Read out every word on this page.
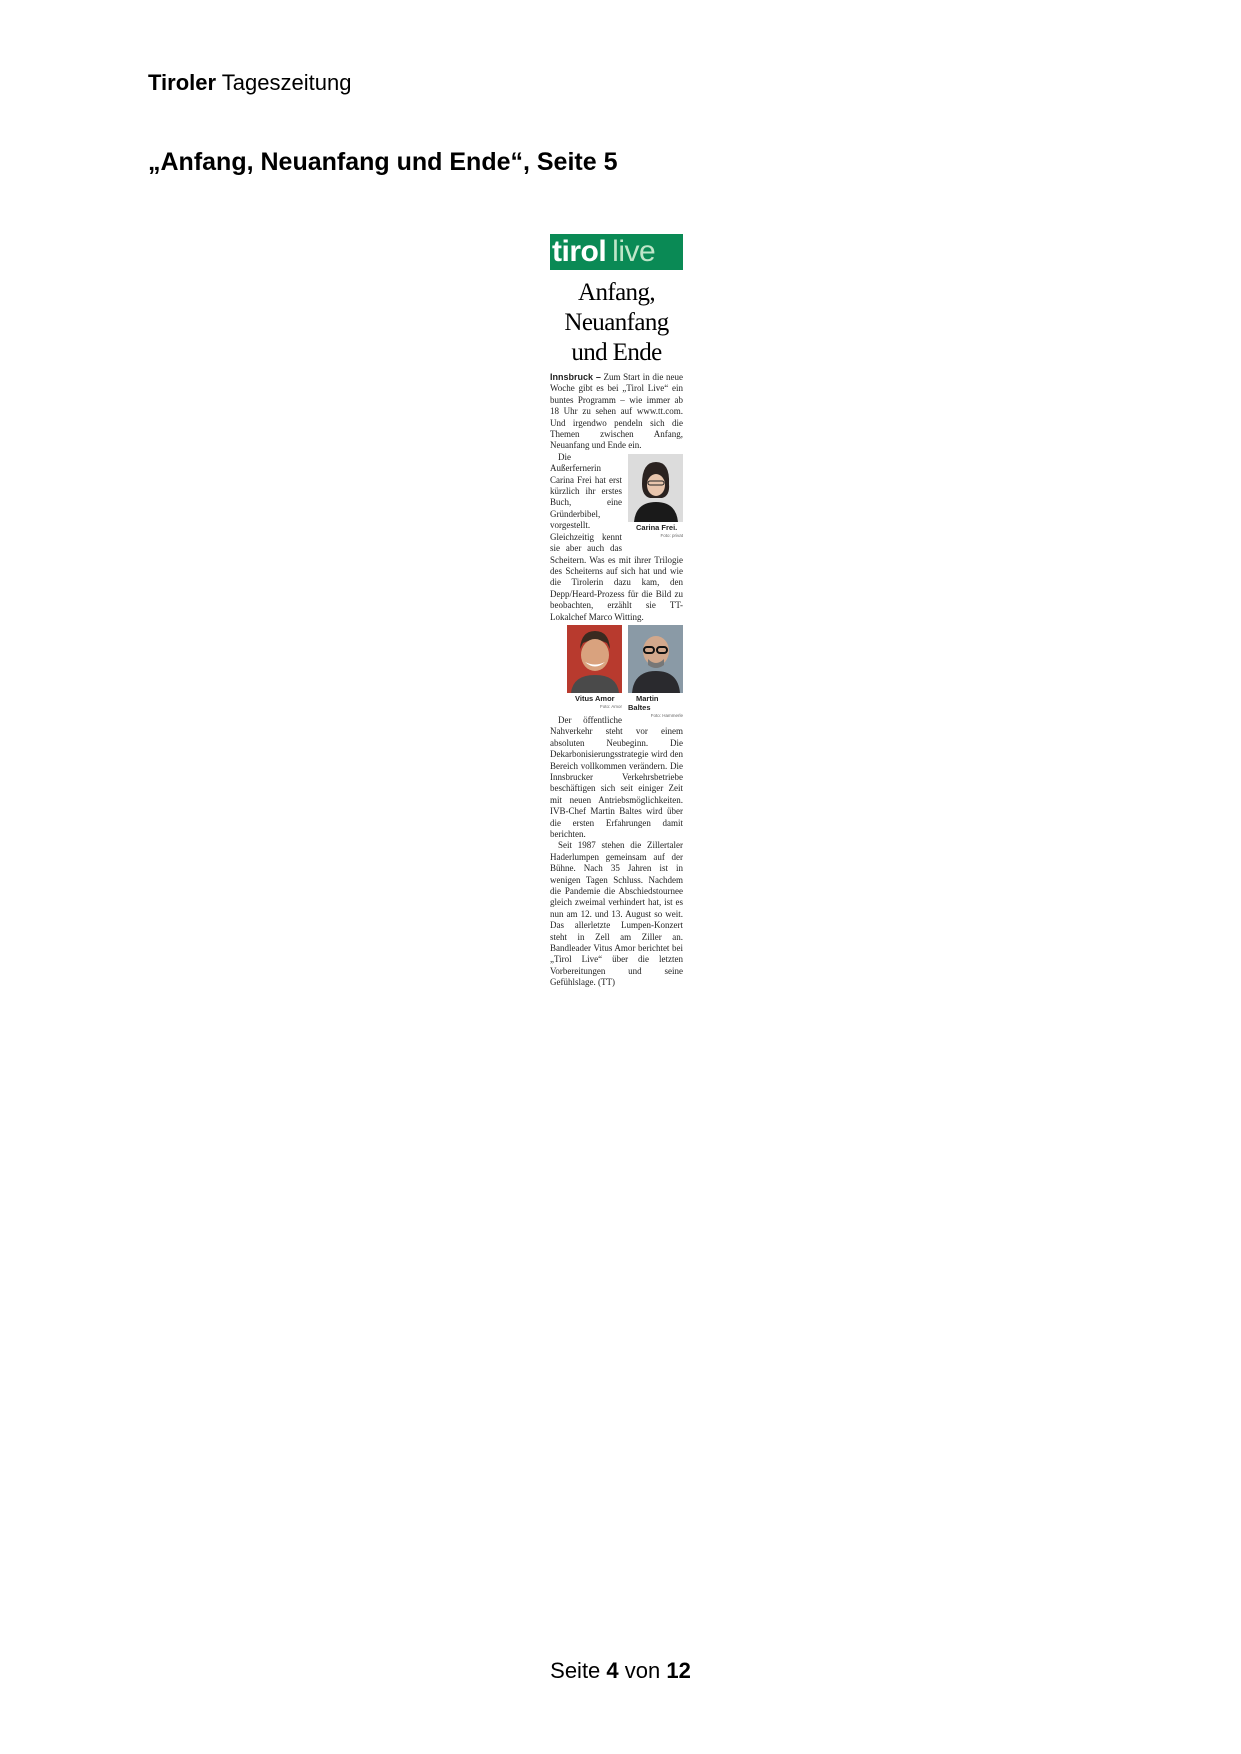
Tiroler Tageszeitung
„Anfang, Neuanfang und Ende“, Seite 5
tirol live
Anfang, Neuanfang und Ende

Innsbruck – Zum Start in die neue Woche gibt es bei „Tirol Live“ ein buntes Programm – wie immer ab 18 Uhr zu sehen auf www.tt.com. Und irgendwo pendeln sich die Themen zwischen Anfang, Neuanfang und Ende ein.

Carina Frei.
Foto: privat
Die Außerfernerin Carina Frei hat erst kürzlich ihr erstes Buch, eine Gründerbibel, vorgestellt. Gleichzeitig kennt sie aber auch das Scheitern. Was es mit ihrer Trilogie des Scheiterns auf sich hat und wie die Tirolerin dazu kam, den Depp/Heard-Prozess für die Bild zu beobachten, erzählt sie TT-Lokalchef Marco Witting.
Martin Baltes
Foto: Hammerle

Vitus Amor
Foto: Amor
Der öffentliche Nahverkehr steht vor einem absoluten Neubeginn. Die Dekarbonisierungsstrategie wird den Bereich vollkommen verändern. Die Innsbrucker Verkehrsbetriebe beschäftigen sich seit einiger Zeit mit neuen Antriebsmöglichkeiten. IVB-Chef Martin Baltes wird über die ersten Erfahrungen damit berichten.

Seit 1987 stehen die Zillertaler Haderlumpen gemeinsam auf der Bühne. Nach 35 Jahren ist in wenigen Tagen Schluss. Nachdem die Pandemie die Abschiedstournee gleich zweimal verhindert hat, ist es nun am 12. und 13. August so weit. Das allerletzte Lumpen-Konzert steht in Zell am Ziller an. Bandleader Vitus Amor berichtet bei „Tirol Live“ über die letzten Vorbereitungen und seine Gefühlslage. (TT)

Seite 4 von 12
